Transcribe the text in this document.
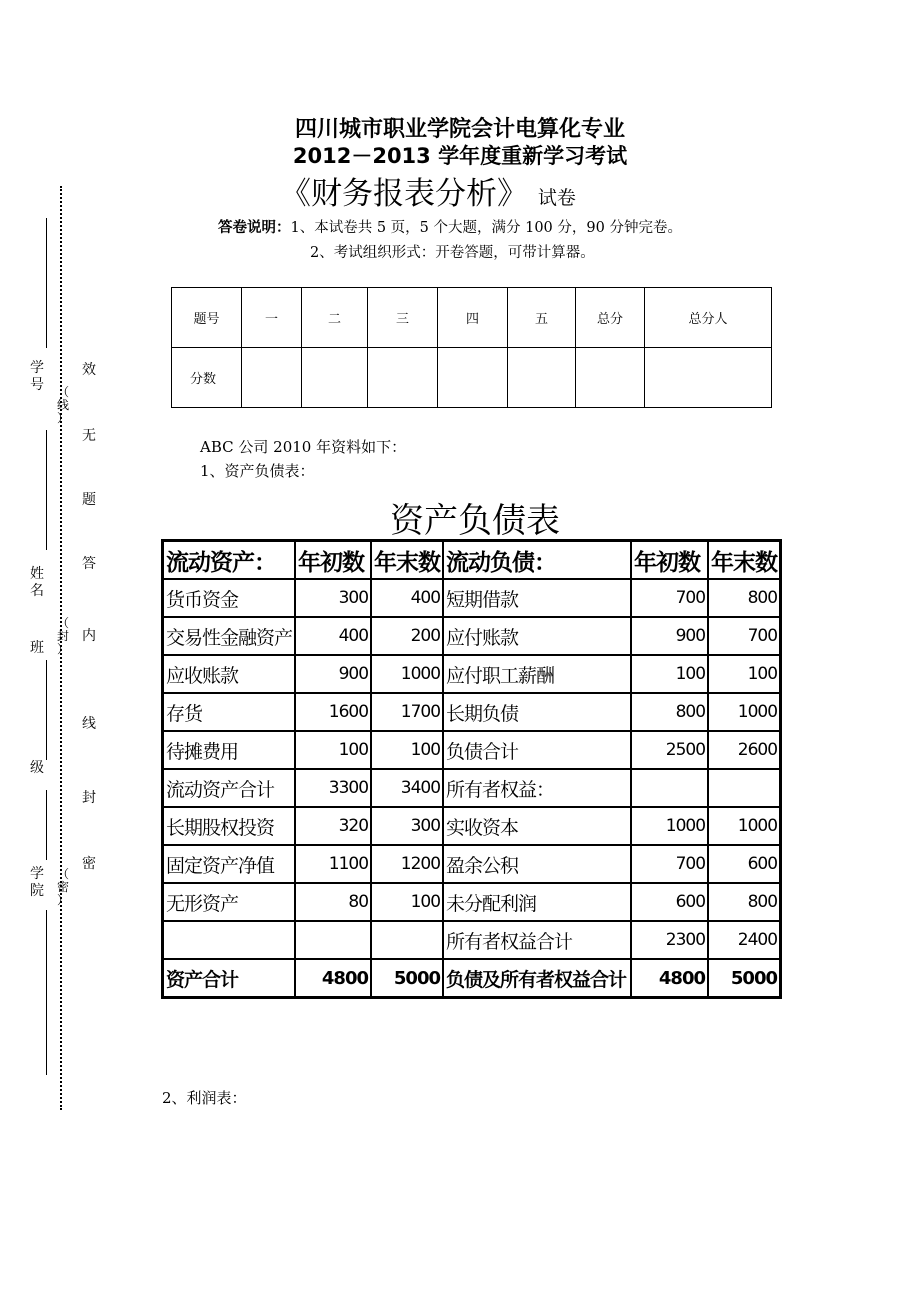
学
号
姓
名
班
级
学
院
（
线
）
（
封
）
（
密
）
效
无
题
答
内
线
封
密
四川城市职业学院会计电算化专业
2012－2013 学年度重新学习考试
《财务报表分析》 试卷
答卷说明：1、本试卷共 5 页，5 个大题，满分 100 分，90 分钟完卷。
2、考试组织形式：开卷答题，可带计算器。
题号	一	二	三	四	五	总分	总分人
分数							
ABC 公司 2010 年资料如下：
1、资产负债表：
资产负债表
流动资产：	年初数	年末数	流动负债：	年初数	年末数
货币资金	300	400	短期借款	700	800
交易性金融资产	400	200	应付账款	900	700
应收账款	900	1000	应付职工薪酬	100	100
存货	1600	1700	长期负债	800	1000
待摊费用	100	100	负债合计	2500	2600
流动资产合计	3300	3400	所有者权益：		
长期股权投资	320	300	实收资本	1000	1000
固定资产净值	1100	1200	盈余公积	700	600
无形资产	80	100	未分配利润	600	800
			所有者权益合计	2300	2400
资产合计	4800	5000	负债及所有者权益合计	4800	5000
2、利润表：
